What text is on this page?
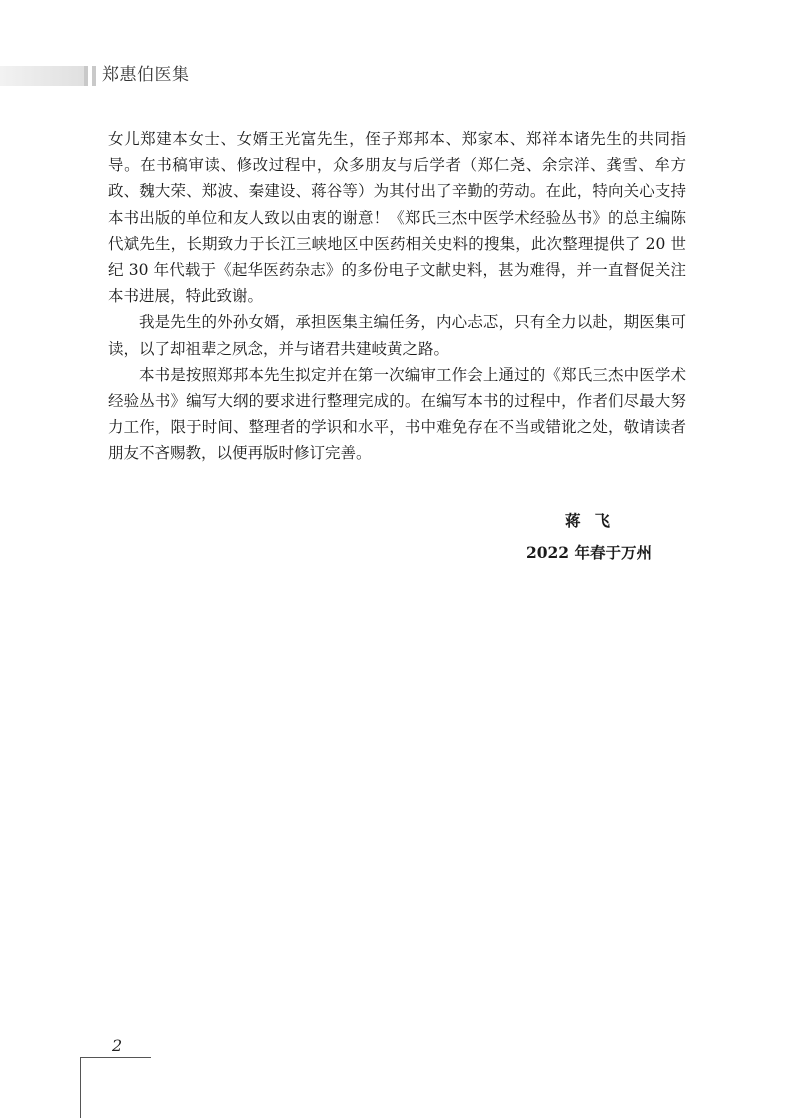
郑惠伯医集

女儿郑建本女士、女婿王光富先生，侄子郑邦本、郑家本、郑祥本诸先生的共同指导。在书稿审读、修改过程中，众多朋友与后学者（郑仁尧、余宗洋、龚雪、牟方政、魏大荣、郑波、秦建设、蒋谷等）为其付出了辛勤的劳动。在此，特向关心支持本书出版的单位和友人致以由衷的谢意！《郑氏三杰中医学术经验丛书》的总主编陈代斌先生，长期致力于长江三峡地区中医药相关史料的搜集，此次整理提供了 20 世纪 30 年代载于《起华医药杂志》的多份电子文献史料，甚为难得，并一直督促关注本书进展，特此致谢。

我是先生的外孙女婿，承担医集主编任务，内心忐忑，只有全力以赴，期医集可读，以了却祖辈之夙念，并与诸君共建岐黄之路。

本书是按照郑邦本先生拟定并在第一次编审工作会上通过的《郑氏三杰中医学术经验丛书》编写大纲的要求进行整理完成的。在编写本书的过程中，作者们尽最大努力工作，限于时间、整理者的学识和水平，书中难免存在不当或错讹之处，敬请读者朋友不吝赐教，以便再版时修订完善。

蒋飞
2022 年春于万州
2
